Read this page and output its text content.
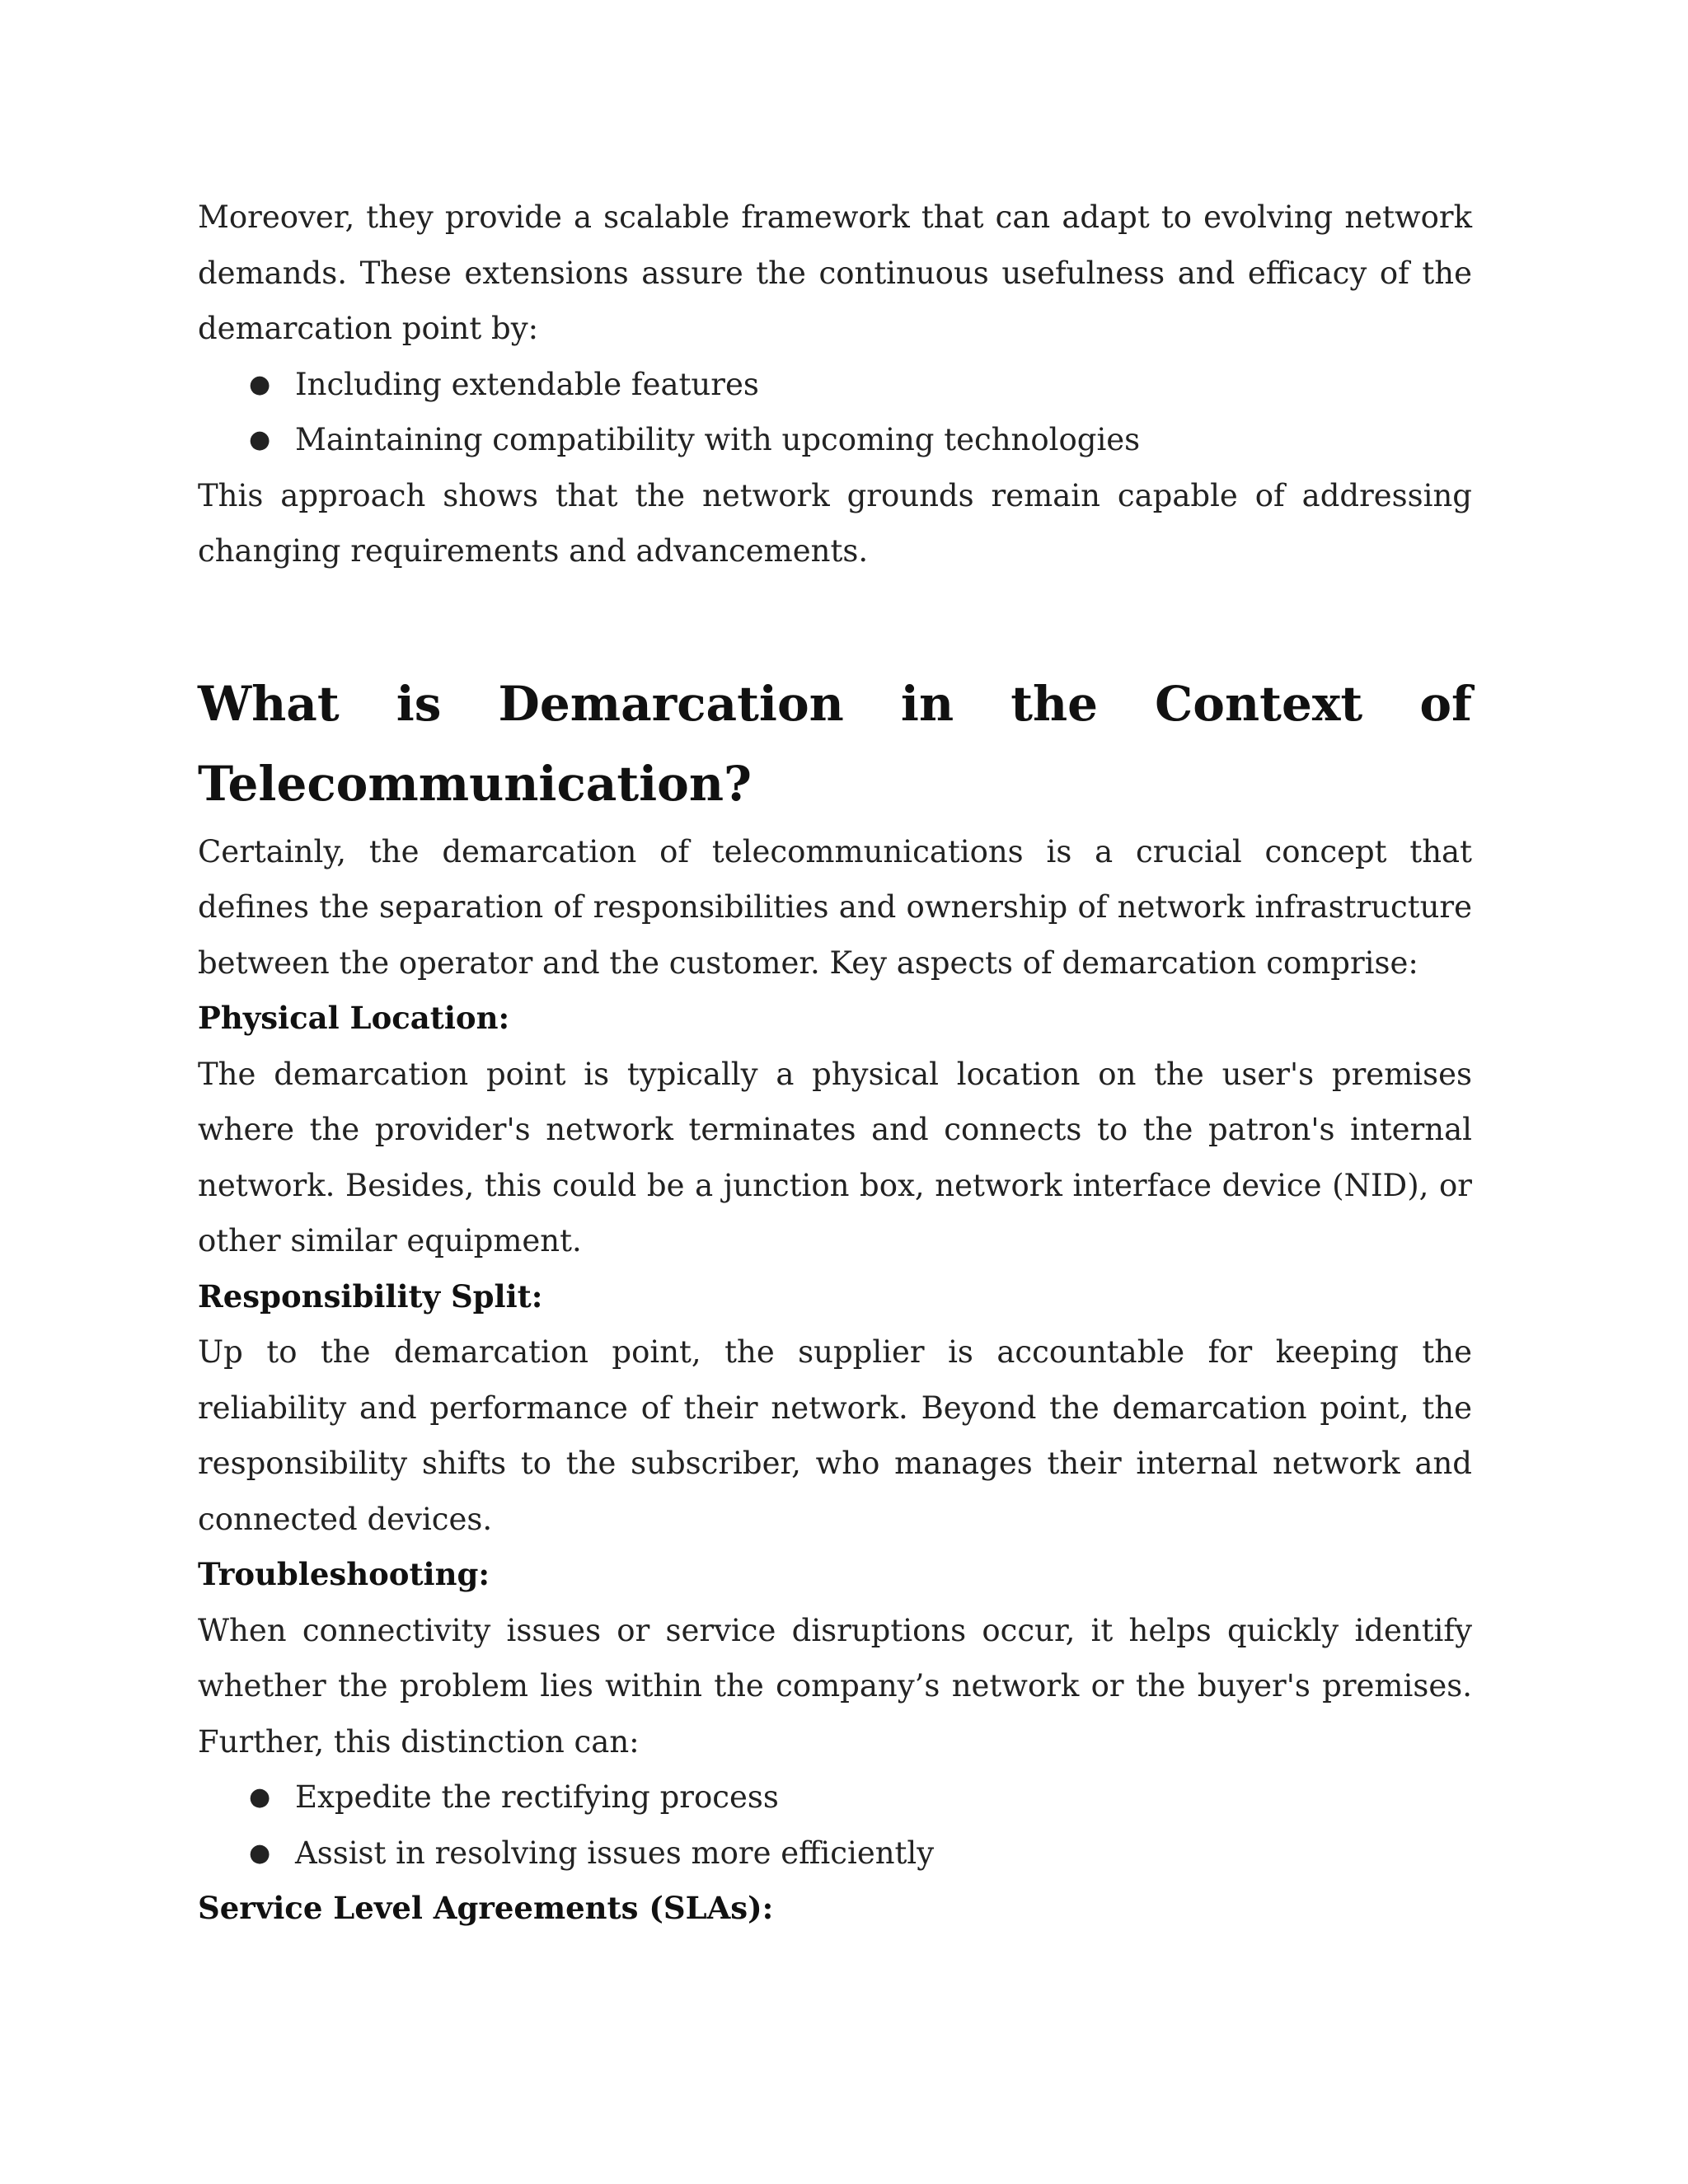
Moreover, they provide a scalable framework that can adapt to evolving network demands. These extensions assure the continuous usefulness and efficacy of the demarcation point by:

● Including extendable features
● Maintaining compatibility with upcoming technologies

This approach shows that the network grounds remain capable of addressing changing requirements and advancements.

What is Demarcation in the Context of
Telecommunication?

Certainly, the demarcation of telecommunications is a crucial concept that defines the separation of responsibilities and ownership of network infrastructure between the operator and the customer. Key aspects of demarcation comprise:

Physical Location:

The demarcation point is typically a physical location on the user's premises where the provider's network terminates and connects to the patron's internal network. Besides, this could be a junction box, network interface device (NID), or other similar equipment.

Responsibility Split:

Up to the demarcation point, the supplier is accountable for keeping the reliability and performance of their network. Beyond the demarcation point, the responsibility shifts to the subscriber, who manages their internal network and connected devices.

Troubleshooting:

When connectivity issues or service disruptions occur, it helps quickly identify whether the problem lies within the company’s network or the buyer's premises. Further, this distinction can:

● Expedite the rectifying process
● Assist in resolving issues more efficiently

Service Level Agreements (SLAs):
